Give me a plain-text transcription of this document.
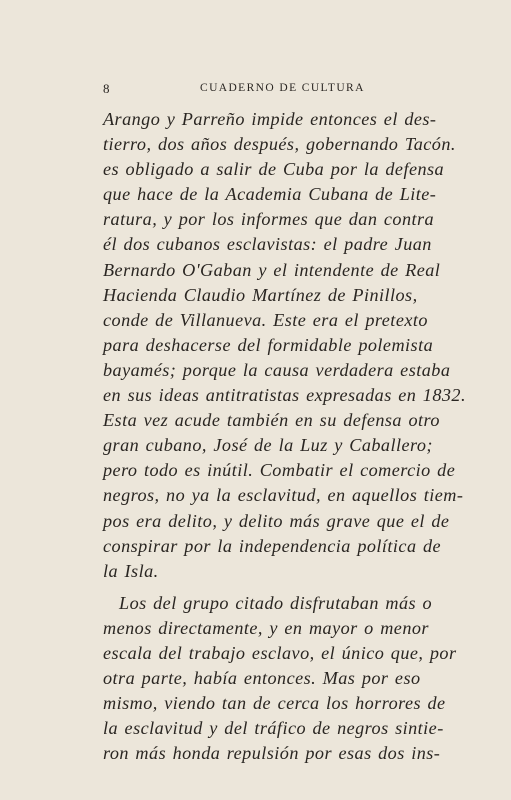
8	CUADERNO DE CULTURA

Arango y Parreño impide entonces el des-
tierro, dos años después, gobernando Tacón.
es obligado a salir de Cuba por la defensa
que hace de la Academia Cubana de Lite-
ratura, y por los informes que dan contra
él dos cubanos esclavistas: el padre Juan
Bernardo O'Gaban y el intendente de Real
Hacienda Claudio Martínez de Pinillos,
conde de Villanueva. Este era el pretexto
para deshacerse del formidable polemista
bayamés; porque la causa verdadera estaba
en sus ideas antitratistas expresadas en 1832.
Esta vez acude también en su defensa otro
gran cubano, José de la Luz y Caballero;
pero todo es inútil. Combatir el comercio de
negros, no ya la esclavitud, en aquellos tiem-
pos era delito, y delito más grave que el de
conspirar por la independencia política de
la Isla.

Los del grupo citado disfrutaban más o
menos directamente, y en mayor o menor
escala del trabajo esclavo, el único que, por
otra parte, había entonces. Mas por eso
mismo, viendo tan de cerca los horrores de
la esclavitud y del tráfico de negros sintie-
ron más honda repulsión por esas dos ins-
